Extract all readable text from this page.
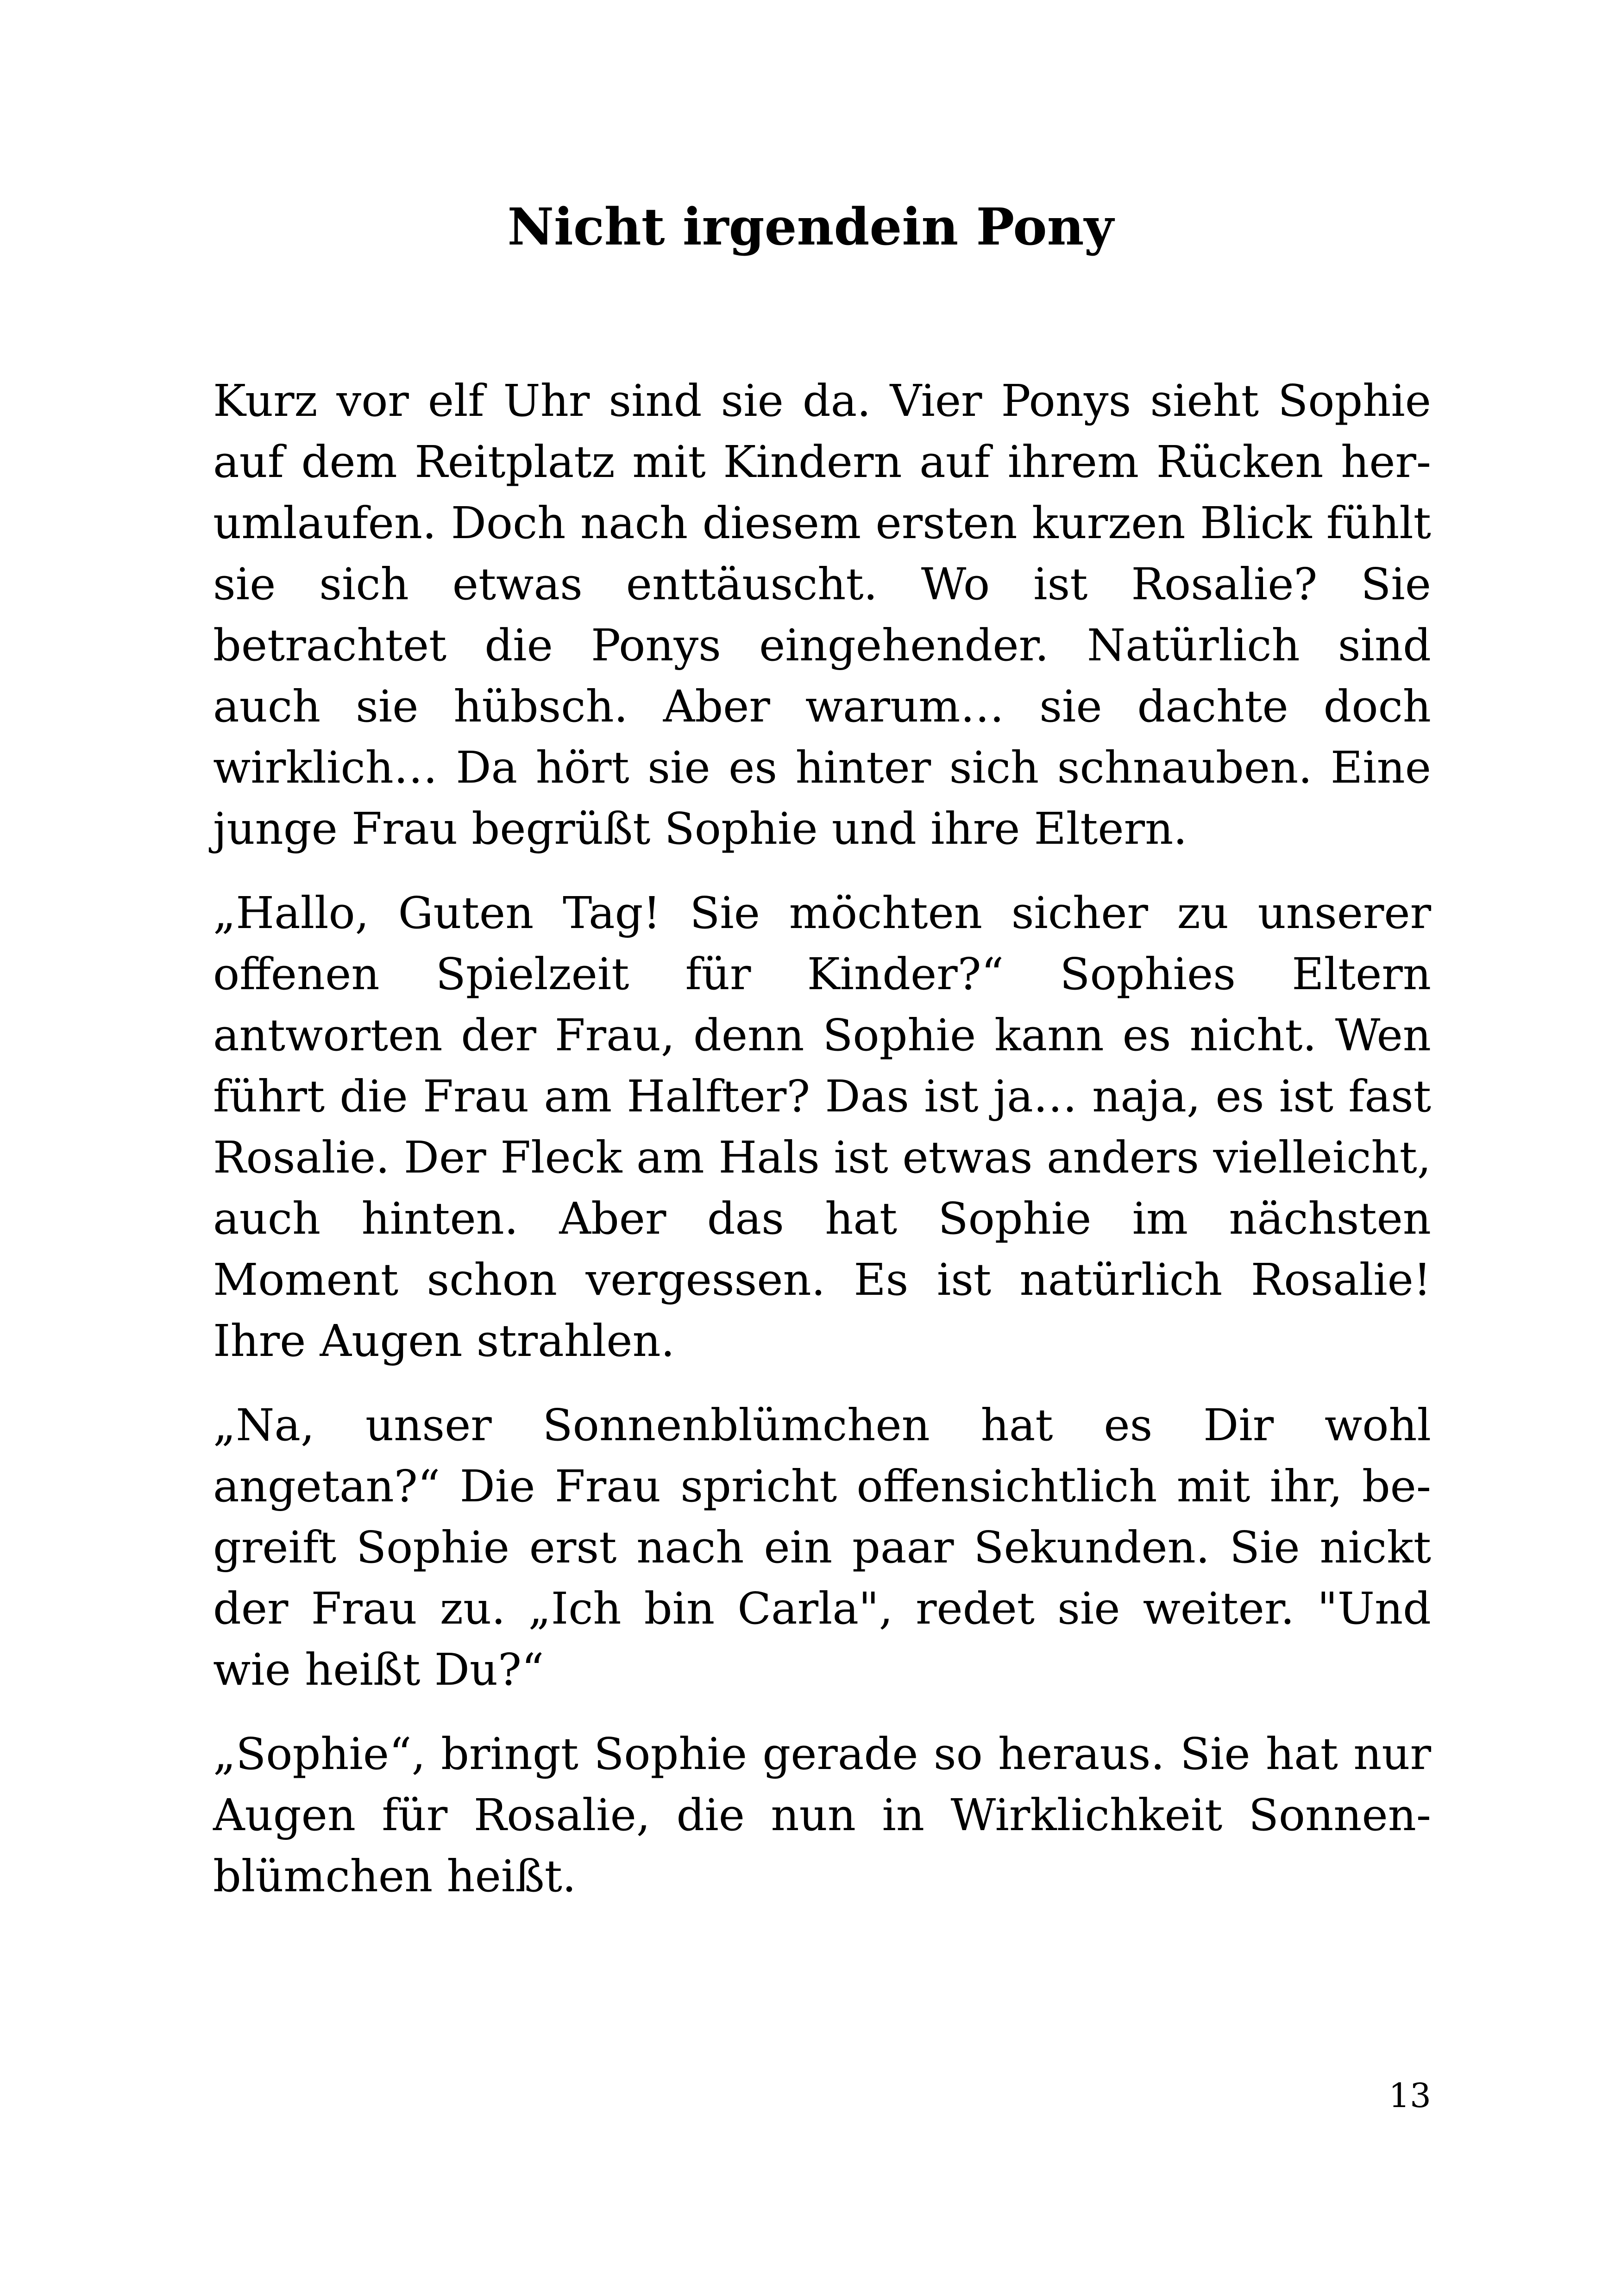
Nicht irgendein Pony

Kurz vor elf Uhr sind sie da. Vier Ponys sieht Sophie auf dem Reitplatz mit Kindern auf ihrem Rücken herumlaufen. Doch nach diesem ersten kurzen Blick fühlt sie sich etwas enttäuscht. Wo ist Rosalie? Sie betrachtet die Ponys eingehender. Natürlich sind auch sie hübsch. Aber warum… sie dachte doch wirklich… Da hört sie es hinter sich schnauben. Eine junge Frau begrüßt Sophie und ihre Eltern.

„Hallo, Guten Tag! Sie möchten sicher zu unserer offenen Spielzeit für Kinder?“ Sophies Eltern antworten der Frau, denn Sophie kann es nicht. Wen führt die Frau am Halfter? Das ist ja… naja, es ist fast Rosalie. Der Fleck am Hals ist etwas anders vielleicht, auch hinten. Aber das hat Sophie im nächsten Moment schon vergessen. Es ist natürlich Rosalie! Ihre Augen strahlen.

„Na, unser Sonnenblümchen hat es Dir wohl angetan?“ Die Frau spricht offensichtlich mit ihr, begreift Sophie erst nach ein paar Sekunden. Sie nickt der Frau zu. „Ich bin Carla", redet sie weiter. "Und wie heißt Du?“

„Sophie“, bringt Sophie gerade so heraus. Sie hat nur Augen für Rosalie, die nun in Wirklichkeit Sonnenblümchen heißt.

13
